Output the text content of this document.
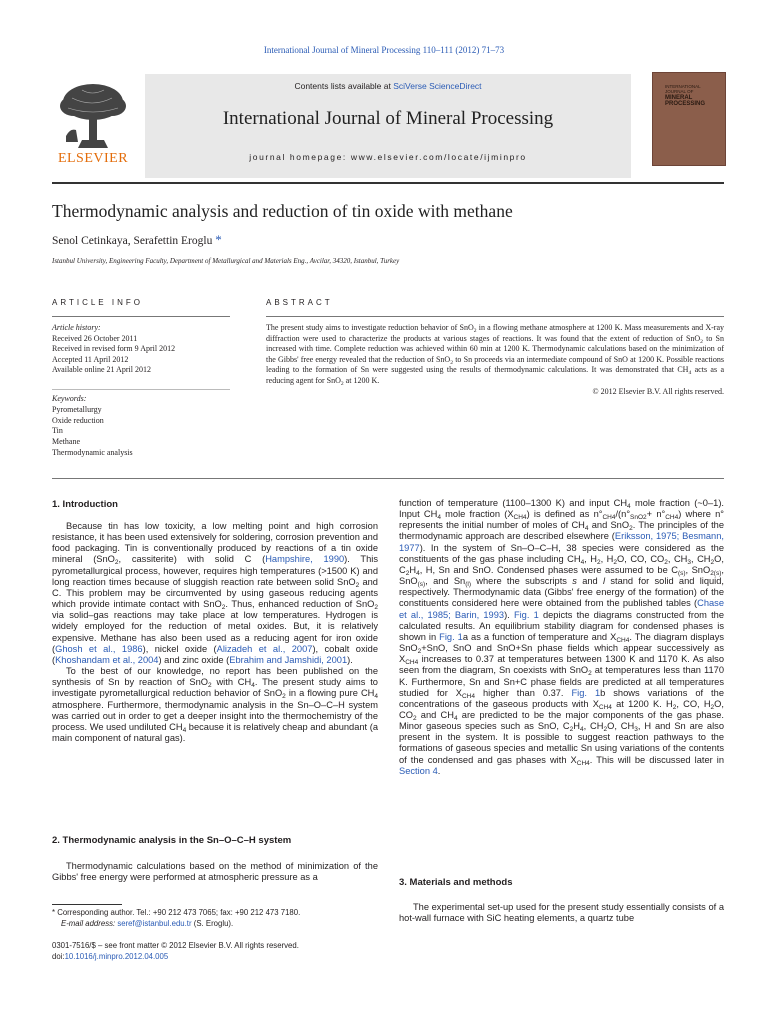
International Journal of Mineral Processing 110–111 (2012) 71–73
ELSEVIER
Contents lists available at SciVerse ScienceDirect
International Journal of Mineral Processing
journal homepage: www.elsevier.com/locate/ijminpro
INTERNATIONAL JOURNAL OF
MINERAL PROCESSING
Thermodynamic analysis and reduction of tin oxide with methane
Senol Cetinkaya, Serafettin Eroglu *
Istanbul University, Engineering Faculty, Department of Metallurgical and Materials Eng., Avcilar, 34320, Istanbul, Turkey
ARTICLE INFO	ABSTRACT
Article history:
Received 26 October 2011
Received in revised form 9 April 2012
Accepted 11 April 2012
Available online 21 April 2012
Keywords:
Pyrometallurgy
Oxide reduction
Tin
Methane
Thermodynamic analysis
The present study aims to investigate reduction behavior of SnO$_2$ in a flowing methane atmosphere at 1200 K. Mass measurements and X-ray diffraction were used to characterize the products at various stages of reactions. It was found that the extent of reduction of SnO$_2$ to Sn increased with time. Complete reduction was achieved within 60 min at 1200 K. Thermodynamic calculations based on the minimization of the Gibbs' free energy revealed that the reduction of SnO$_2$ to Sn proceeds via an intermediate compound of SnO at 1200 K. Possible reactions leading to the formation of Sn were suggested using the results of thermodynamic calculations. It was demonstrated that $CH_4$ acts as a reducing agent for SnO$_2$ at 1200 K.
© 2012 Elsevier B.V. All rights reserved.
1. Introduction

Because tin has low toxicity, a low melting point and high corrosion resistance, it has been used extensively for soldering, corrosion prevention and food packaging. Tin is conventionally produced by reactions of a tin oxide mineral (SnO$_2$, cassiterite) with solid C (Hampshire, 1990). This pyrometallurgical process, however, requires high temperatures (>1500 K) and long reaction times because of sluggish reaction rate between solid SnO$_2$ and C. This problem may be circumvented by using gaseous reducing agents which provide intimate contact with SnO$_2$. Thus, enhanced reduction of SnO$_2$ via solid–gas reactions may take place at low temperatures. Hydrogen is widely employed for the reduction of metal oxides. But, it is relatively expensive. Methane has also been used as a reducing agent for iron oxide (Ghosh et al., 1986), nickel oxide (Alizadeh et al., 2007), cobalt oxide (Khoshandam et al., 2004) and zinc oxide (Ebrahim and Jamshidi, 2001).

To the best of our knowledge, no report has been published on the synthesis of Sn by reaction of SnO$_2$ with $CH_4$. The present study aims to investigate pyrometallurgical reduction behavior of SnO$_2$ in a flowing pure $CH_4$ atmosphere. Furthermore, thermodynamic analysis in the Sn–O–C–H system was carried out in order to get a deeper insight into the thermochemistry of the process. We used undiluted $CH_4$ because it is relatively cheap and abundant (a main component of natural gas).

2. Thermodynamic analysis in the Sn–O–C–H system

Thermodynamic calculations based on the method of minimization of the Gibbs' free energy were performed at atmospheric pressure as a

* Corresponding author. Tel.: +90 212 473 7065; fax: +90 212 473 7180.
E-mail address: seref@istanbul.edu.tr (S. Eroglu).
0301-7516/$ – see front matter © 2012 Elsevier B.V. All rights reserved.
doi:10.1016/j.minpro.2012.04.005

function of temperature (1100–1300 K) and input $CH_4$ mole fraction (~0–1). Input $CH_4$ mole fraction $(X_{CH4})$ is defined as $n^\circ_{CH4}/(n^\circ_{SnO2}+ n^\circ_{CH4})$ where n° represents the initial number of moles of $CH_4$ and SnO$_2$. The principles of the thermodynamic approach are described elsewhere (Eriksson, 1975; Besmann, 1977). In the system of Sn–O–C–H, 38 species were considered as the constituents of the gas phase including $CH_4$, $H_2$, $H_2O$, CO, $CO_2$, $CH_3$, $CH_2O$, $C_2H_4$, H, Sn and SnO. Condensed phases were assumed to be $C_{(s)}$, SnO$_{2(s)}$, SnO$_{(s)}$, and $Sn_{(l)}$ where the subscripts s and l stand for solid and liquid, respectively. Thermodynamic data (Gibbs' free energy of the formation) of the constituents considered here were obtained from the published tables (Chase et al., 1985; Barin, 1993). Fig. 1 depicts the diagrams constructed from the calculated results. An equilibrium stability diagram for condensed phases is shown in Fig. 1a as a function of temperature and $X_{CH4}$. The diagram displays SnO$_2$+SnO, SnO and SnO+Sn phase fields which appear successively as $X_{CH4}$ increases to 0.37 at temperatures between 1300 K and 1170 K. As also seen from the diagram, Sn coexists with SnO$_2$ at temperatures less than 1170 K. Furthermore, Sn and Sn+C phase fields are predicted at all temperatures studied for $X_{CH4}$ higher than 0.37. Fig. 1b shows variations of the concentrations of the gaseous products with $X_{CH4}$ at 1200 K. $H_2$, CO, $H_2O$, $CO_2$ and $CH_4$ are predicted to be the major components of the gas phase. Minor gaseous species such as SnO, $C_2H_4$, $CH_2O$, $CH_3$, H and Sn are also present in the system. It is possible to suggest reaction pathways to the formations of gaseous species and metallic Sn using variations of the contents of the condensed and gas phases with $X_{CH4}$. This will be discussed later in Section 4.

3. Materials and methods

The experimental set-up used for the present study essentially consists of a hot-wall furnace with SiC heating elements, a quartz tube
